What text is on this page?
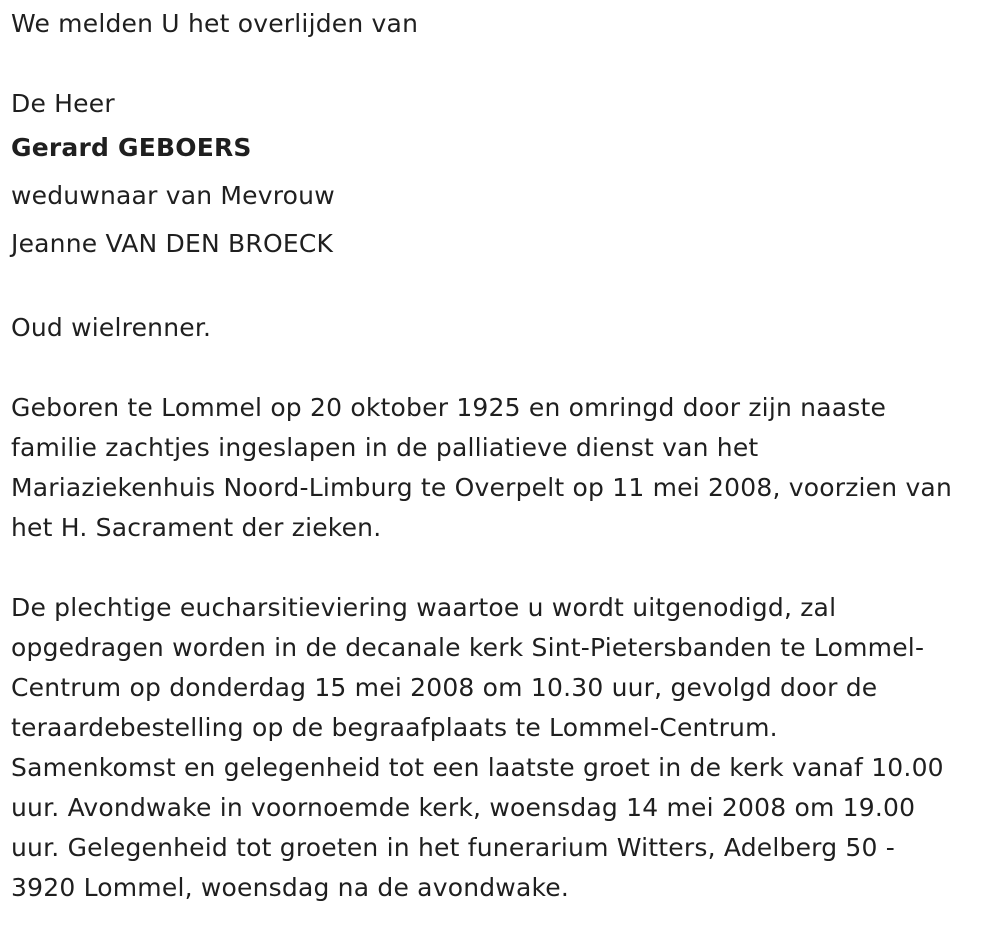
We melden U het overlijden van
De Heer
Gerard GEBOERS
weduwnaar van Mevrouw
Jeanne VAN DEN BROECK
Oud wielrenner.
Geboren te Lommel op 20 oktober 1925 en omringd door zijn naaste
familie zachtjes ingeslapen in de palliatieve dienst van het
Mariaziekenhuis Noord-Limburg te Overpelt op 11 mei 2008, voorzien van
het H. Sacrament der zieken.
De plechtige eucharsitieviering waartoe u wordt uitgenodigd, zal
opgedragen worden in de decanale kerk Sint-Pietersbanden te Lommel-
Centrum op donderdag 15 mei 2008 om 10.30 uur, gevolgd door de
teraardebestelling op de begraafplaats te Lommel-Centrum.
Samenkomst en gelegenheid tot een laatste groet in de kerk vanaf 10.00
uur. Avondwake in voornoemde kerk, woensdag 14 mei 2008 om 19.00
uur. Gelegenheid tot groeten in het funerarium Witters, Adelberg 50 -
3920 Lommel, woensdag na de avondwake.
